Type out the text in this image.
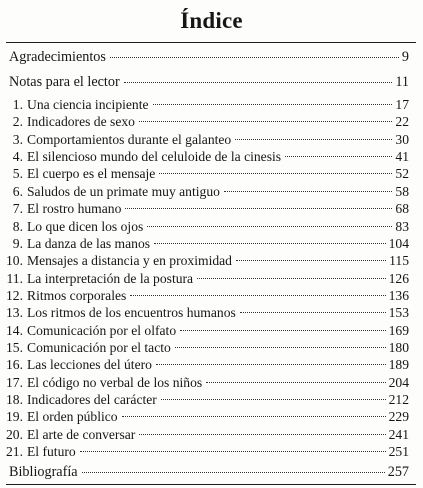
Índice
Agradecimientos	9
Notas para el lector	11
1. Una ciencia incipiente	17
2. Indicadores de sexo	22
3. Comportamientos durante el galanteo	30
4. El silencioso mundo del celuloide de la cinesis	41
5. El cuerpo es el mensaje	52
6. Saludos de un primate muy antiguo	58
7. El rostro humano	68
8. Lo que dicen los ojos	83
9. La danza de las manos	104
10. Mensajes a distancia y en proximidad	115
11. La interpretación de la postura	126
12. Ritmos corporales	136
13. Los ritmos de los encuentros humanos	153
14. Comunicación por el olfato	169
15. Comunicación por el tacto	180
16. Las lecciones del útero	189
17. El código no verbal de los niños	204
18. Indicadores del carácter	212
19. El orden público	229
20. El arte de conversar	241
21. El futuro	251
Bibliografía	257
